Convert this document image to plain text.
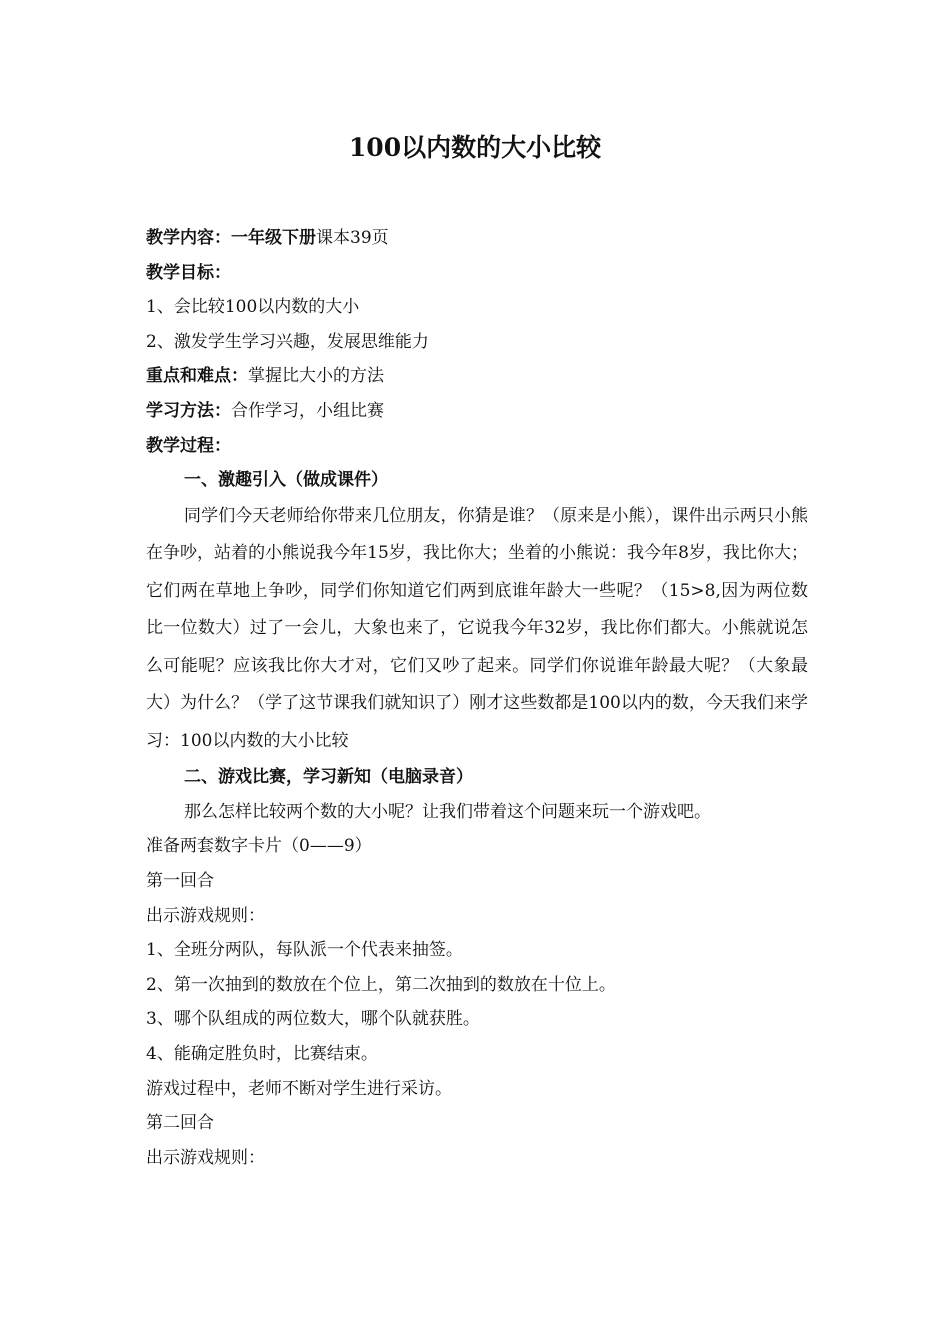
100以内数的大小比较
教学内容：一年级下册课本39页
教学目标：
1、会比较100以内数的大小
2、激发学生学习兴趣，发展思维能力
重点和难点：掌握比大小的方法
学习方法：合作学习，小组比赛
教学过程：
一、激趣引入（做成课件）

同学们今天老师给你带来几位朋友，你猜是谁？（原来是小熊），课件出示两只小熊在争吵，站着的小熊说我今年15岁，我比你大；坐着的小熊说：我今年8岁，我比你大；它们两在草地上争吵，同学们你知道它们两到底谁年龄大一些呢？（15>8,因为两位数比一位数大）过了一会儿，大象也来了，它说我今年32岁，我比你们都大。小熊就说怎么可能呢？应该我比你大才对，它们又吵了起来。同学们你说谁年龄最大呢？（大象最大）为什么？（学了这节课我们就知识了）刚才这些数都是100以内的数，今天我们来学习：100以内数的大小比较

二、游戏比赛，学习新知（电脑录音）
那么怎样比较两个数的大小呢？让我们带着这个问题来玩一个游戏吧。
准备两套数字卡片（0——9）
第一回合
出示游戏规则：
1、全班分两队，每队派一个代表来抽签。
2、第一次抽到的数放在个位上，第二次抽到的数放在十位上。
3、哪个队组成的两位数大，哪个队就获胜。
4、能确定胜负时，比赛结束。
游戏过程中，老师不断对学生进行采访。
第二回合
出示游戏规则：
